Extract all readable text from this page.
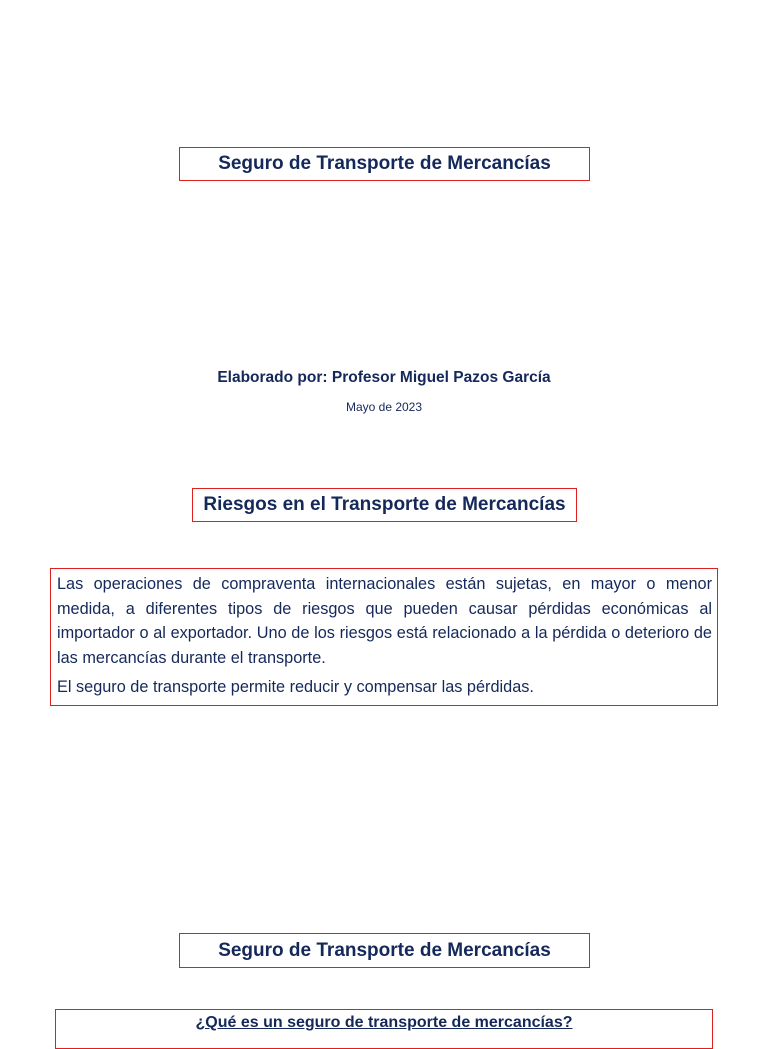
Seguro de Transporte de Mercancías
Elaborado por: Profesor Miguel Pazos García
Mayo de 2023
Riesgos en el Transporte de Mercancías

Las operaciones de compraventa internacionales están sujetas, en mayor o menor medida, a diferentes tipos de riesgos que pueden causar pérdidas económicas al importador o al exportador. Uno de los riesgos está relacionado a la pérdida o deterioro de las mercancías durante el transporte.

El seguro de transporte permite reducir y compensar las pérdidas.

Seguro de Transporte de Mercancías
¿Qué es un seguro de transporte de mercancías?
